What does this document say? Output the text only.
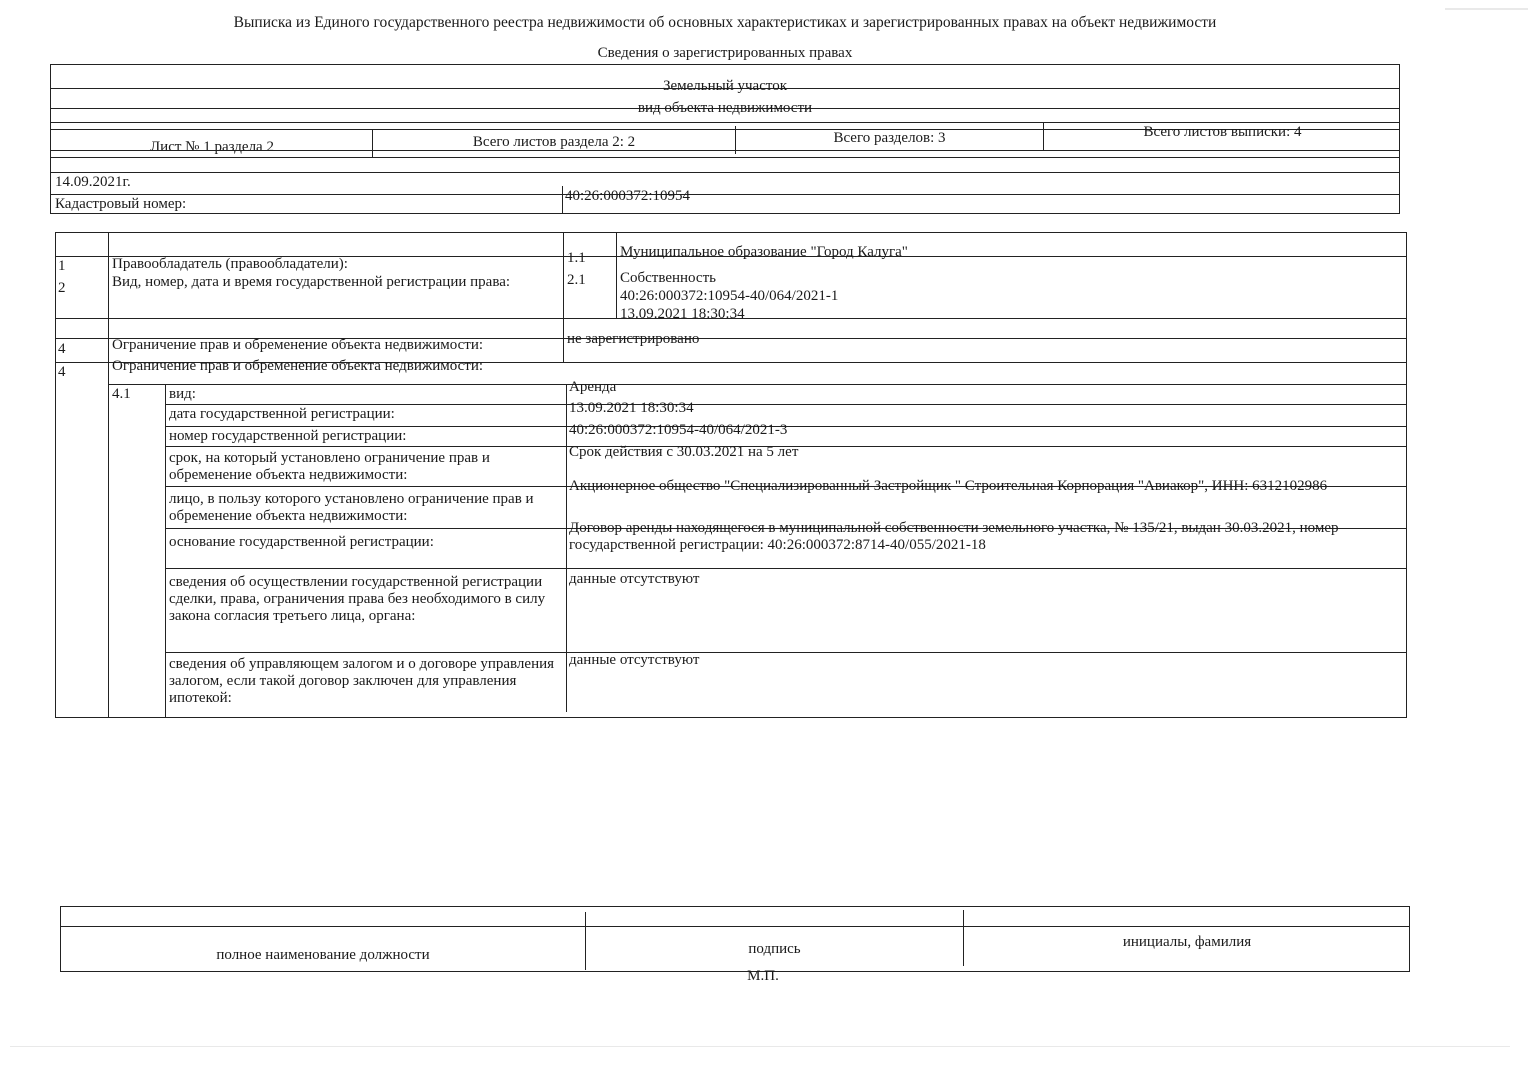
Выписка из Единого государственного реестра недвижимости об основных характеристиках и зарегистрированных правах на объект недвижимости
Сведения о зарегистрированных правах
Земельный участок
вид объекта недвижимости
Лист № 1 раздела 2	Всего листов раздела 2: 2	Всего разделов: 3	Всего листов выписки: 4
14.09.2021г.
Кадастровый номер:	40:26:000372:10954
1	Правообладатель (правообладатели):	1.1 Муниципальное образование "Город Калуга"
2	Вид, номер, дата и время государственной регистрации права:	2.1 Собственность
40:26:000372:10954-40/064/2021-1
13.09.2021 18:30:34
4	Ограничение прав и обременение объекта недвижимости:	не зарегистрировано
4	Ограничение прав и обременение объекта недвижимости:
4.1	вид:	Аренда
дата государственной регистрации:	13.09.2021 18:30:34
номер государственной регистрации:	40:26:000372:10954-40/064/2021-3
срок, на который установлено ограничение прав и обременение объекта недвижимости:
Срок действия с 30.03.2021 на 5 лет
лицо, в пользу которого установлено ограничение прав и обременение объекта недвижимости:
Акционерное общество "Специализированный Застройщик " Строительная Корпорация "Авиакор", ИНН: 6312102986
основание государственной регистрации:
Договор аренды находящегося в муниципальной собственности земельного участка, № 135/21, выдан 30.03.2021, номер государственной регистрации: 40:26:000372:8714-40/055/2021-18
сведения об осуществлении государственной регистрации сделки, права, ограничения права без необходимого в силу закона согласия третьего лица, органа:
данные отсутствуют
сведения об управляющем залогом и о договоре управления залогом, если такой договор заключен для управления ипотекой:
данные отсутствуют
полное наименование должности	подпись	инициалы, фамилия
М.П.
